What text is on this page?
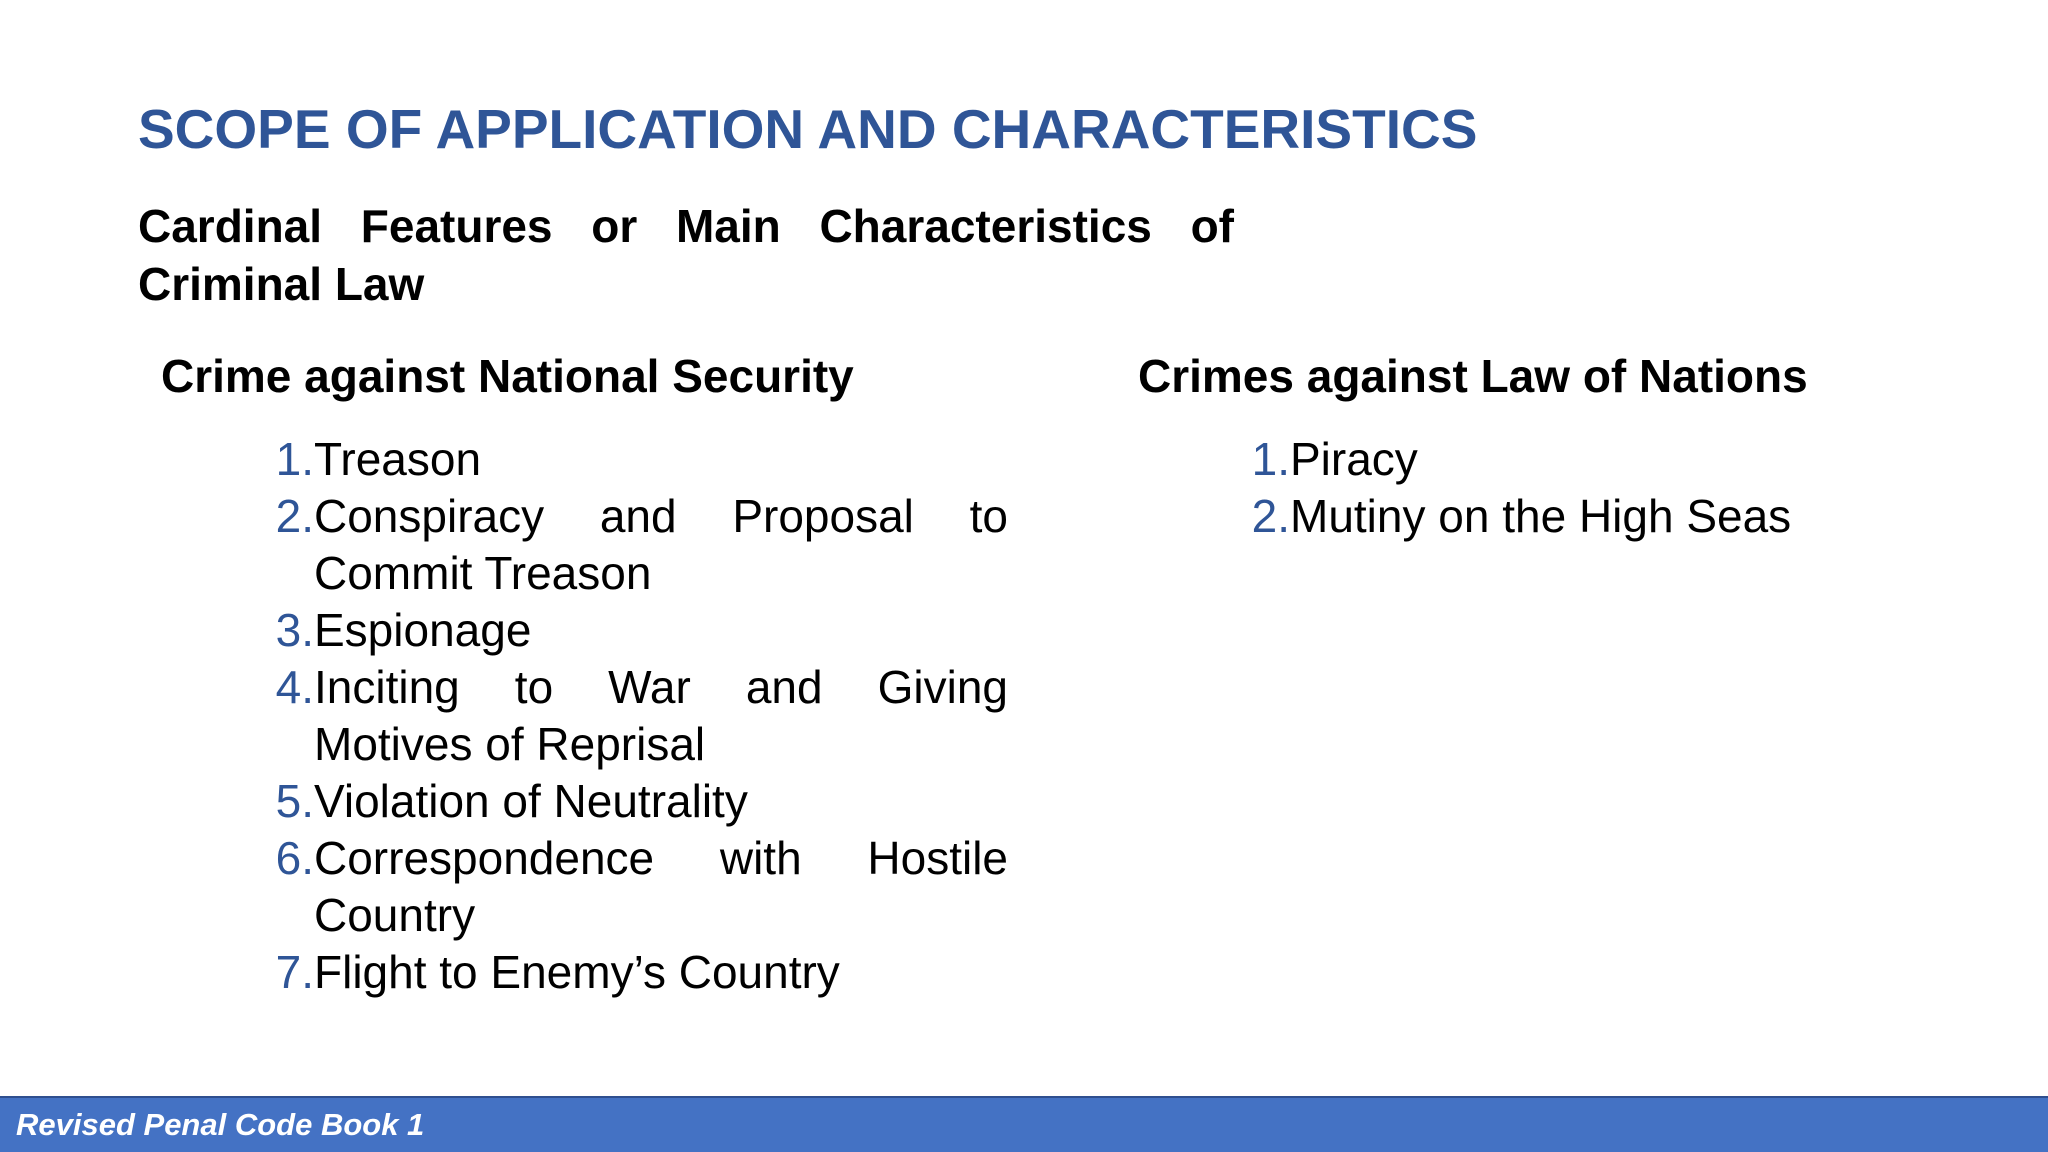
SCOPE OF APPLICATION AND CHARACTERISTICS

Cardinal Features or Main Characteristics of Criminal Law

Crime against National Security	Crimes against Law of Nations
1. Treason
2. Conspiracy and Proposal to Commit Treason
3. Espionage
4. Inciting to War and Giving Motives of Reprisal
5. Violation of Neutrality
6. Correspondence with Hostile Country
7. Flight to Enemy’s Country
1. Piracy
2. Mutiny on the High Seas
Revised Penal Code Book 1
